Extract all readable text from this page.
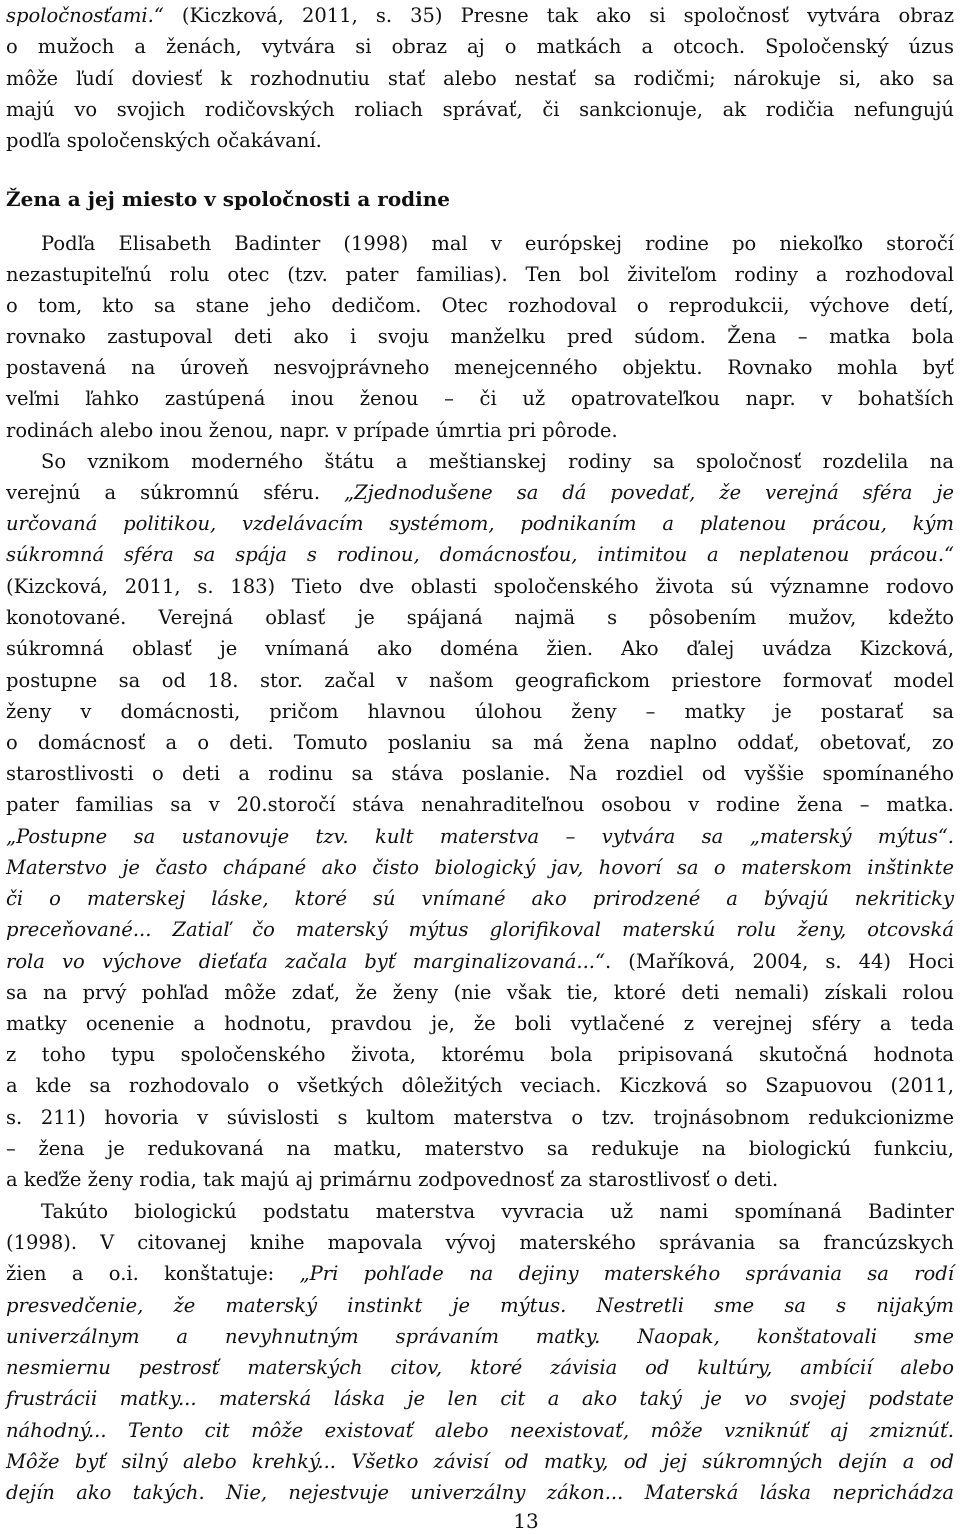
spoločnosťami.“ (Kiczková, 2011, s. 35) Presne tak ako si spoločnosť vytvára obraz
o mužoch a ženách, vytvára si obraz aj o matkách a otcoch. Spoločenský úzus
môže ľudí doviesť k rozhodnutiu stať alebo nestať sa rodičmi; nárokuje si, ako sa
majú vo svojich rodičovských roliach správať, či sankcionuje, ak rodičia nefungujú
podľa spoločenských očakávaní.
Žena a jej miesto v spoločnosti a rodine
Podľa Elisabeth Badinter (1998) mal v európskej rodine po niekoľko storočí
nezastupiteľnú rolu otec (tzv. pater familias). Ten bol živiteľom rodiny a rozhodoval
o tom, kto sa stane jeho dedičom. Otec rozhodoval o reprodukcii, výchove detí,
rovnako zastupoval deti ako i svoju manželku pred súdom. Žena – matka bola
postavená na úroveň nesvojprávneho menejcenného objektu. Rovnako mohla byť
veľmi ľahko zastúpená inou ženou – či už opatrovateľkou napr. v bohatších
rodinách alebo inou ženou, napr. v prípade úmrtia pri pôrode.
So vznikom moderného štátu a meštianskej rodiny sa spoločnosť rozdelila na
verejnú a súkromnú sféru. „Zjednodušene sa dá povedať, že verejná sféra je
určovaná politikou, vzdelávacím systémom, podnikaním a platenou prácou, kým
súkromná sféra sa spája s rodinou, domácnosťou, intimitou a neplatenou prácou.“
(Kizcková, 2011, s. 183) Tieto dve oblasti spoločenského života sú významne rodovo
konotované. Verejná oblasť je spájaná najmä s pôsobením mužov, kdežto
súkromná oblasť je vnímaná ako doména žien. Ako ďalej uvádza Kizcková,
postupne sa od 18. stor. začal v našom geografickom priestore formovať model
ženy v domácnosti, pričom hlavnou úlohou ženy – matky je postarať sa
o domácnosť a o deti. Tomuto poslaniu sa má žena naplno oddať, obetovať, zo
starostlivosti o deti a rodinu sa stáva poslanie. Na rozdiel od vyššie spomínaného
pater familias sa v 20.storočí stáva nenahraditeľnou osobou v rodine žena – matka.
„Postupne sa ustanovuje tzv. kult materstva – vytvára sa „materský mýtus“.
Materstvo je často chápané ako čisto biologický jav, hovorí sa o materskom inštinkte
či o materskej láske, ktoré sú vnímané ako prirodzené a bývajú nekriticky
preceňované... Zatiaľ čo materský mýtus glorifikoval materskú rolu ženy, otcovská
rola vo výchove dieťaťa začala byť marginalizovaná...“. (Maříková, 2004, s. 44) Hoci
sa na prvý pohľad môže zdať, že ženy (nie však tie, ktoré deti nemali) získali rolou
matky ocenenie a hodnotu, pravdou je, že boli vytlačené z verejnej sféry a teda
z toho typu spoločenského života, ktorému bola pripisovaná skutočná hodnota
a kde sa rozhodovalo o všetkých dôležitých veciach. Kiczková so Szapuovou (2011,
s. 211) hovoria v súvislosti s kultom materstva o tzv. trojnásobnom redukcionizme
– žena je redukovaná na matku, materstvo sa redukuje na biologickú funkciu,
a keďže ženy rodia, tak majú aj primárnu zodpovednosť za starostlivosť o deti.
Takúto biologickú podstatu materstva vyvracia už nami spomínaná Badinter
(1998). V citovanej knihe mapovala vývoj materského správania sa francúzskych
žien a o.i. konštatuje: „Pri pohľade na dejiny materského správania sa rodí
presvedčenie, že materský instinkt je mýtus. Nestretli sme sa s nijakým
univerzálnym a nevyhnutným správaním matky. Naopak, konštatovali sme
nesmiernu pestrosť materských citov, ktoré závisia od kultúry, ambícií alebo
frustrácii matky... materská láska je len cit a ako taký je vo svojej podstate
náhodný... Tento cit môže existovať alebo neexistovať, môže vzniknúť aj zmiznúť.
Môže byť silný alebo krehký... Všetko závisí od matky, od jej súkromných dejín a od
dejín ako takých. Nie, nejestvuje univerzálny zákon... Materská láska neprichádza
13
